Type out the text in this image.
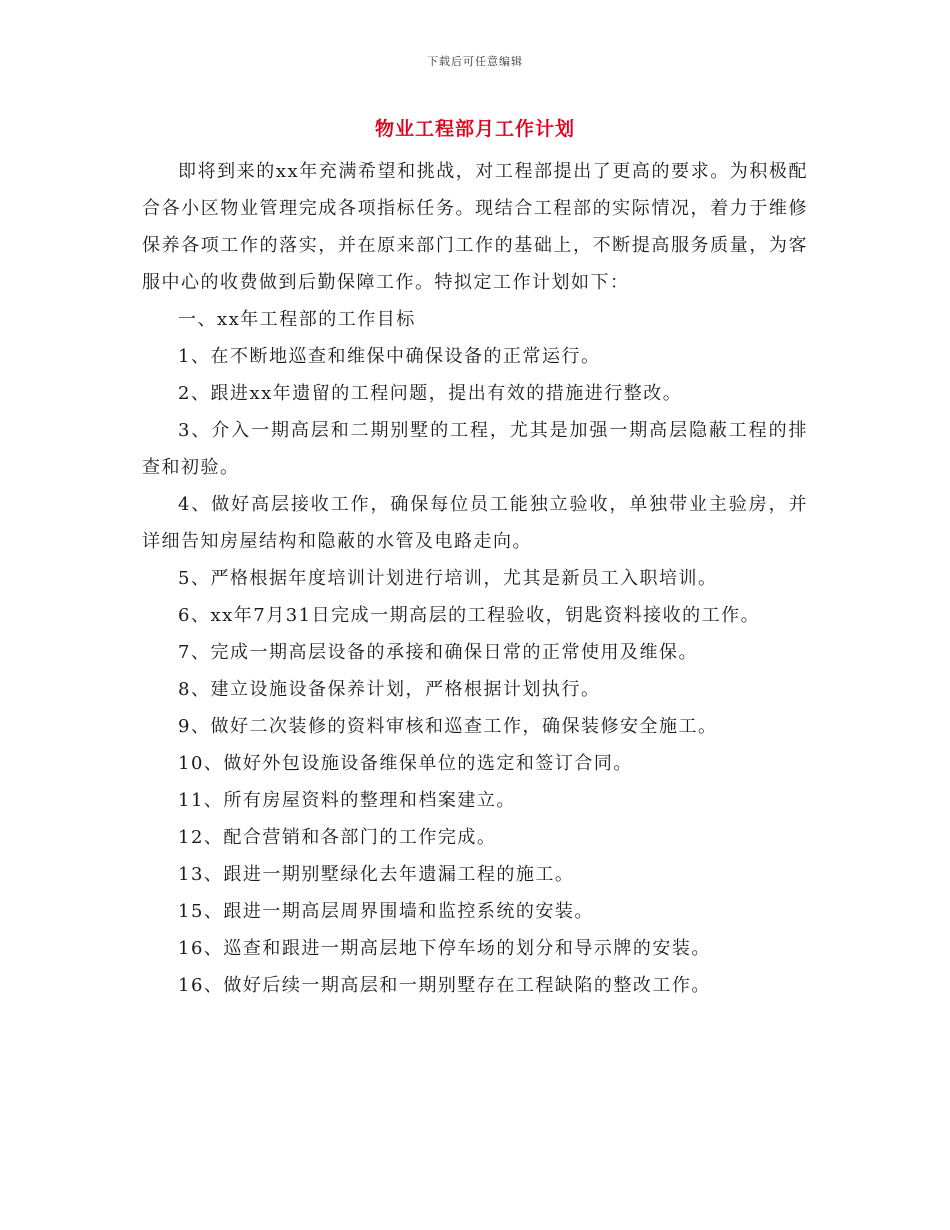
下载后可任意编辑
物业工程部月工作计划

即将到来的xx年充满希望和挑战，对工程部提出了更高的要求。为积极配合各小区物业管理完成各项指标任务。现结合工程部的实际情况，着力于维修保养各项工作的落实，并在原来部门工作的基础上，不断提高服务质量，为客服中心的收费做到后勤保障工作。特拟定工作计划如下：

一、xx年工程部的工作目标

1、在不断地巡查和维保中确保设备的正常运行。

2、跟进xx年遗留的工程问题，提出有效的措施进行整改。

3、介入一期高层和二期别墅的工程，尤其是加强一期高层隐蔽工程的排查和初验。

4、做好高层接收工作，确保每位员工能独立验收，单独带业主验房，并详细告知房屋结构和隐蔽的水管及电路走向。

5、严格根据年度培训计划进行培训，尤其是新员工入职培训。

6、xx年7月31日完成一期高层的工程验收，钥匙资料接收的工作。

7、完成一期高层设备的承接和确保日常的正常使用及维保。

8、建立设施设备保养计划，严格根据计划执行。

9、做好二次装修的资料审核和巡查工作，确保装修安全施工。

10、做好外包设施设备维保单位的选定和签订合同。

11、所有房屋资料的整理和档案建立。

12、配合营销和各部门的工作完成。

13、跟进一期别墅绿化去年遗漏工程的施工。

15、跟进一期高层周界围墙和监控系统的安装。

16、巡查和跟进一期高层地下停车场的划分和导示牌的安装。

16、做好后续一期高层和一期别墅存在工程缺陷的整改工作。
